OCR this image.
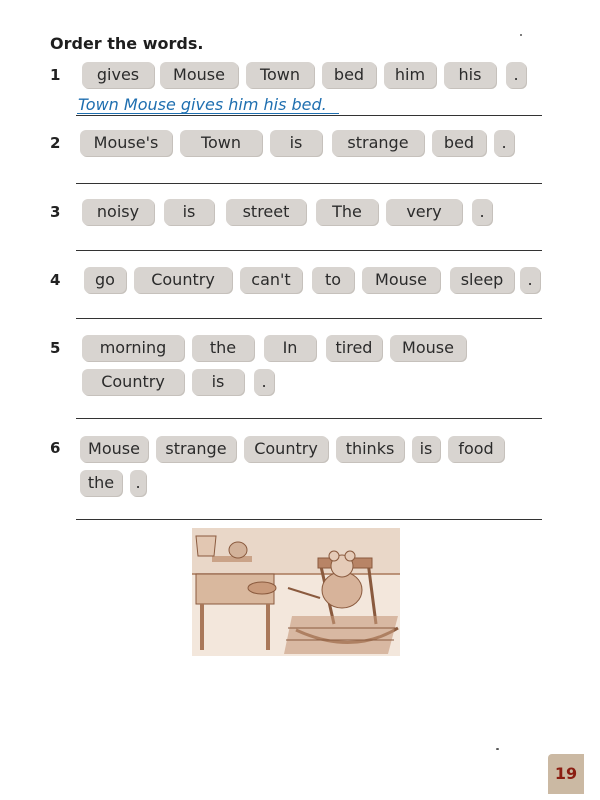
Order the words.
1	gives	Mouse	Town	bed	him	his	.
Town Mouse gives him his bed.
2	Mouse's	Town	is	strange	bed	.
3	noisy	is	street	The	very	.
4	go	Country	can't	to	Mouse	sleep	.
5	morning	the	In	tired	Mouse
Country	is	.
6	Mouse	strange	Country	thinks	is	food
the	.
19
